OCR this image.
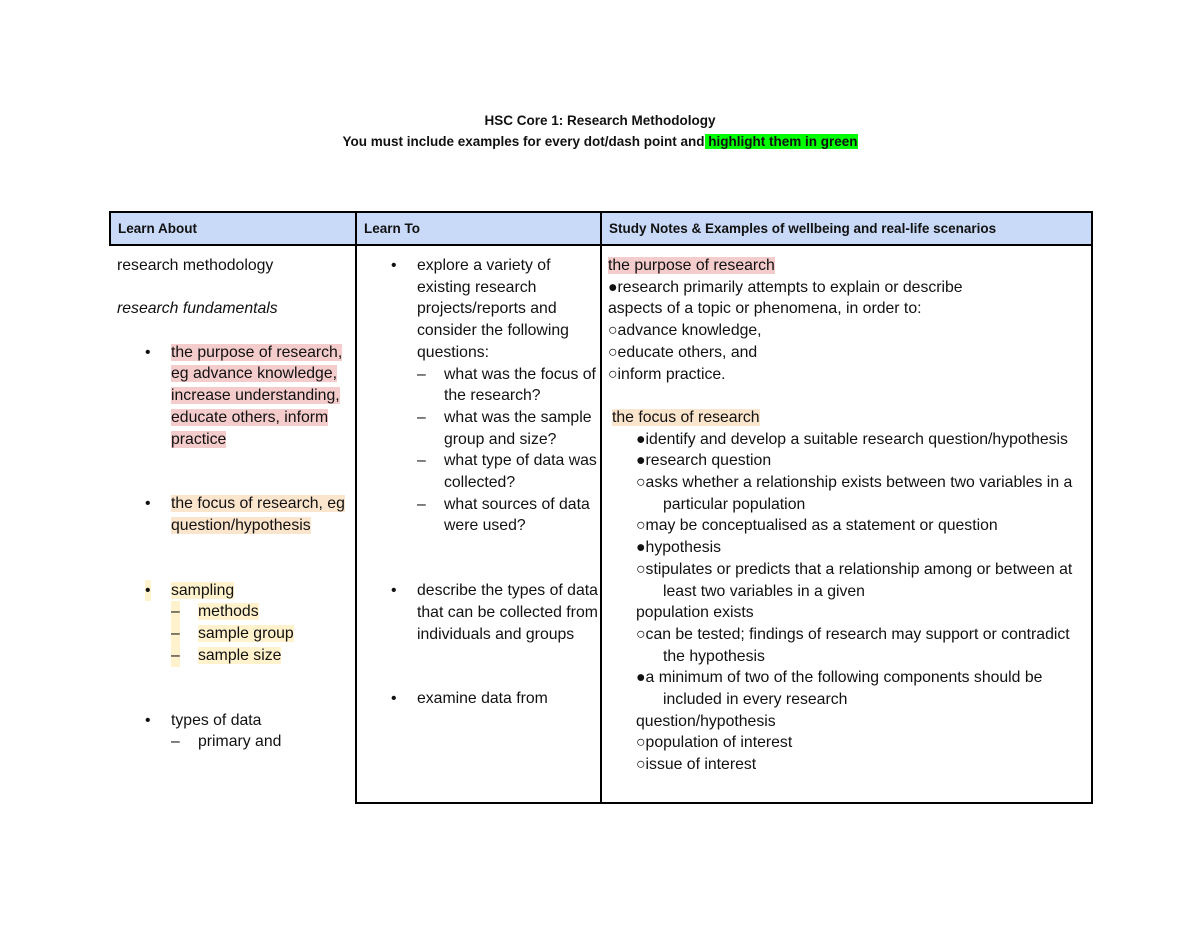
HSC Core 1: Research Methodology
You must include examples for every dot/dash point and highlight them in green
Learn About	Learn To	Study Notes & Examples of wellbeing and real-life scenarios

research methodology

research fundamentals

• the purpose of research, eg advance knowledge, increase understanding, educate others, inform practice
• the focus of research, eg question/hypothesis
• sampling
– methods
– sample group
– sample size
• types of data
– primary and
• explore a variety of existing research projects/reports and consider the following questions:
– what was the focus of the research?
– what was the sample group and size?
– what type of data was collected?
– what sources of data were used?
• describe the types of data that can be collected from individuals and groups
• examine data from

the purpose of research

●research primarily attempts to explain or describe

aspects of a topic or phenomena, in order to:

○advance knowledge,

○educate others, and

○inform practice.

the focus of research

●identify and develop a suitable research question/hypothesis

●research question

○asks whether a relationship exists between two variables in a particular population

○may be conceptualised as a statement or question

●hypothesis

○stipulates or predicts that a relationship among or between at least two variables in a given

population exists

○can be tested; findings of research may support or contradict the hypothesis

●a minimum of two of the following components should be included in every research

question/hypothesis

○population of interest

○issue of interest
